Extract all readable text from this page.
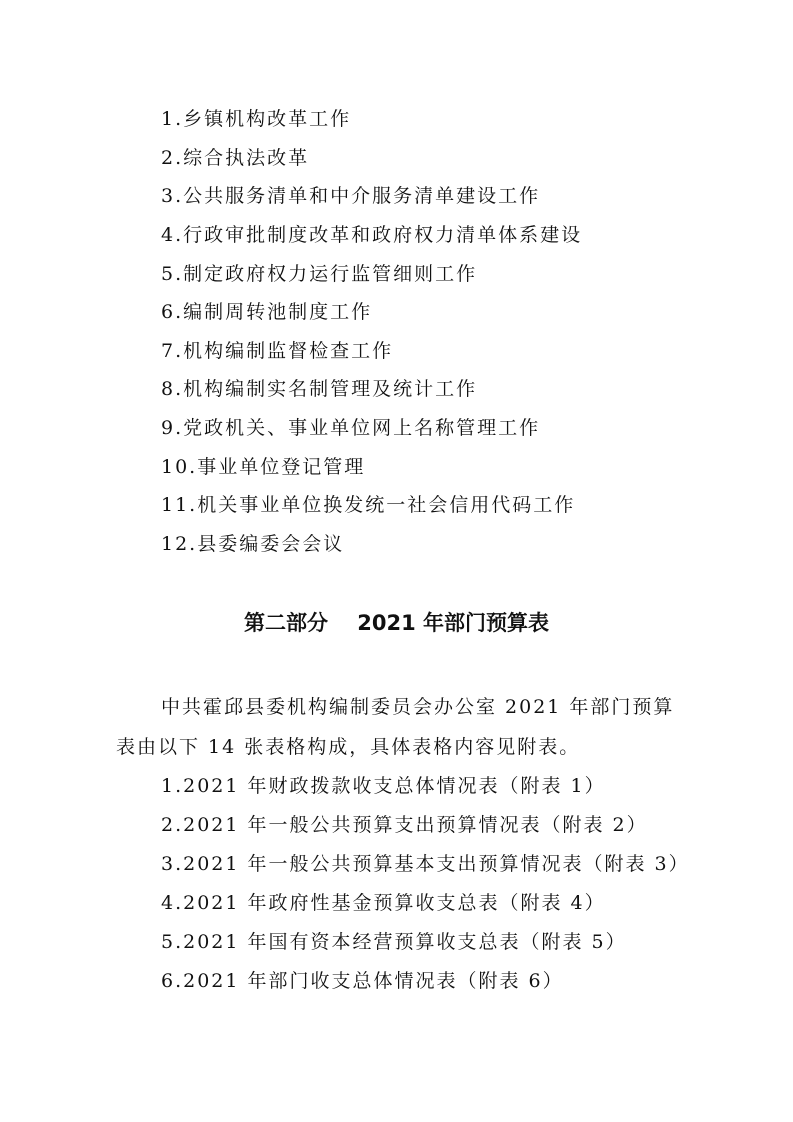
1.乡镇机构改革工作
2.综合执法改革
3.公共服务清单和中介服务清单建设工作
4.行政审批制度改革和政府权力清单体系建设
5.制定政府权力运行监管细则工作
6.编制周转池制度工作
7.机构编制监督检查工作
8.机构编制实名制管理及统计工作
9.党政机关、事业单位网上名称管理工作
10.事业单位登记管理
11.机关事业单位换发统一社会信用代码工作
12.县委编委会会议
第二部分    2021 年部门预算表
中共霍邱县委机构编制委员会办公室 2021 年部门预算
表由以下 14 张表格构成，具体表格内容见附表。
1.2021 年财政拨款收支总体情况表（附表 1）
2.2021 年一般公共预算支出预算情况表（附表 2）
3.2021 年一般公共预算基本支出预算情况表（附表 3）
4.2021 年政府性基金预算收支总表（附表 4）
5.2021 年国有资本经营预算收支总表（附表 5）
6.2021 年部门收支总体情况表（附表 6）
